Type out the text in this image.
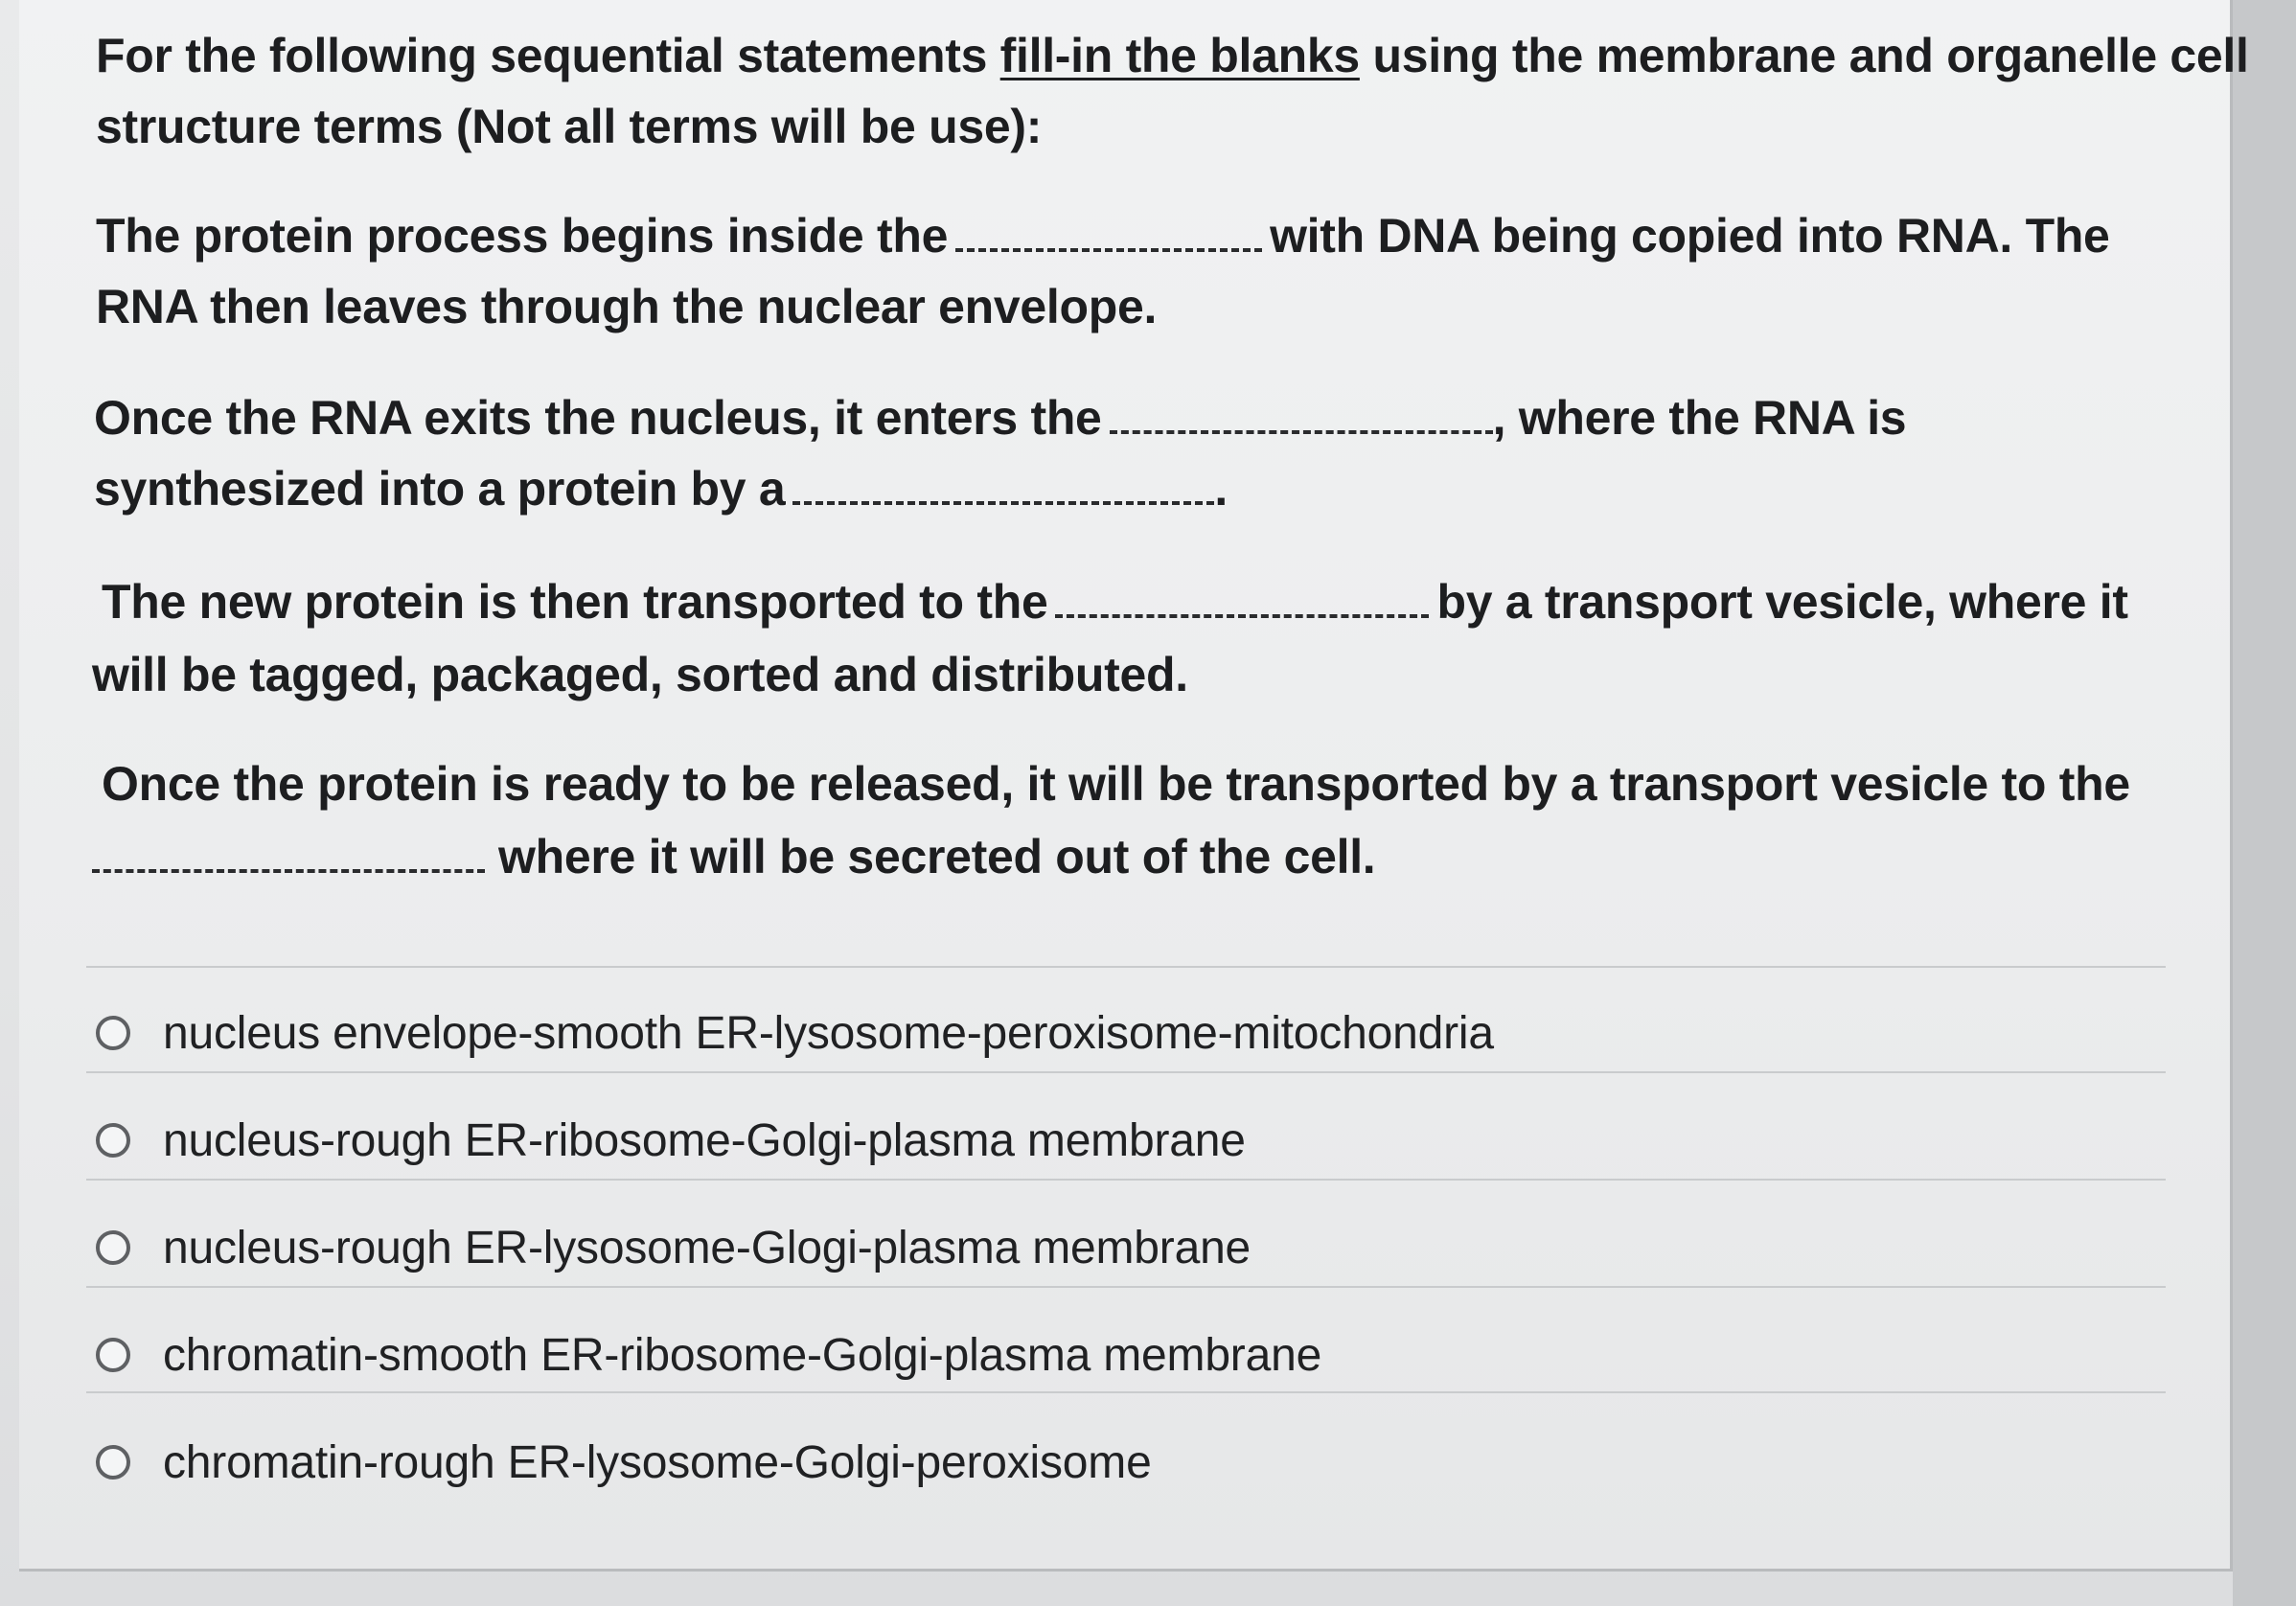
For the following sequential statements fill-in the blanks using the membrane and organelle cell
structure terms (Not all terms will be use):
The protein process begins inside the	with DNA being copied into RNA. The
RNA then leaves through the nuclear envelope.
Once the RNA exits the nucleus, it enters the	, where the RNA is
synthesized into a protein by a	.
The new protein is then transported to the	by a transport vesicle, where it
will be tagged, packaged, sorted and distributed.
Once the protein is ready to be released, it will be transported by a transport vesicle to the
where it will be secreted out of the cell.
nucleus envelope-smooth ER-lysosome-peroxisome-mitochondria
nucleus-rough ER-ribosome-Golgi-plasma membrane
nucleus-rough ER-lysosome-Glogi-plasma membrane
chromatin-smooth ER-ribosome-Golgi-plasma membrane
chromatin-rough ER-lysosome-Golgi-peroxisome
